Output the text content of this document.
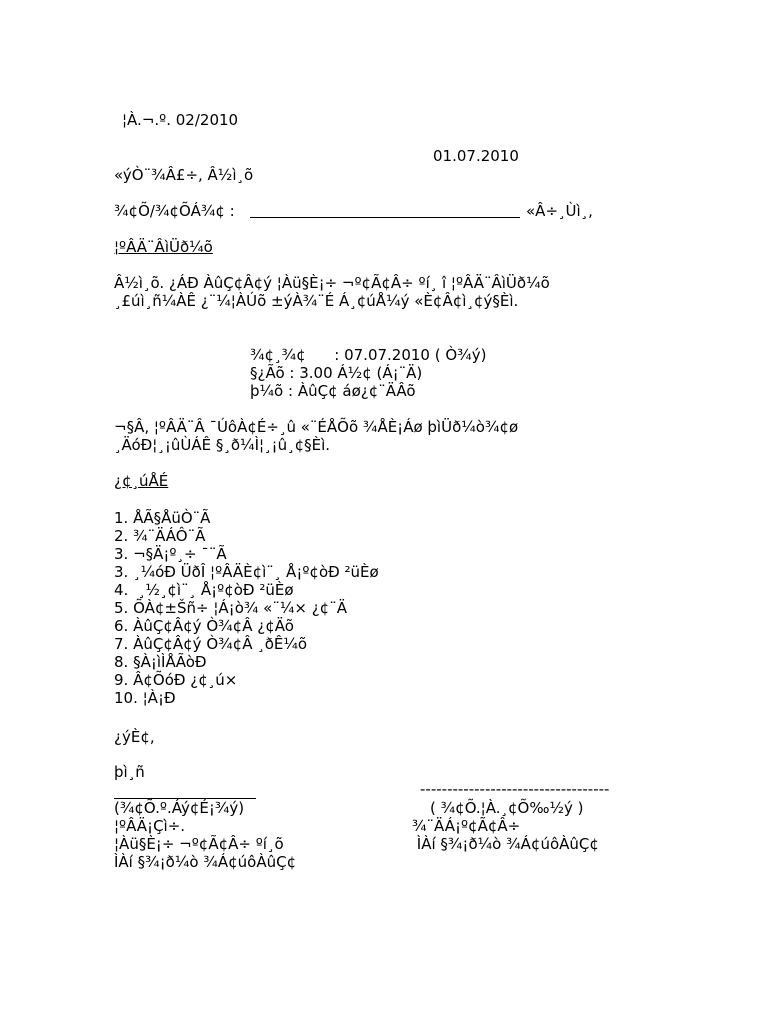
¦À.¬.º. 02/2010
01.07.2010
«ýÒ¨¾Â£÷, Â½ì¸õ
¾¢Õ/¾¢ÕÁ¾¢ :	«Â÷¸Ùì¸,
¦ºÂÄ¨ÂìÜð¼õ
Â½ì¸õ. ¿ÁÐ ÀûÇ¢Â¢ý ¦Àü§È¡÷ ¬º¢Ã¢Â÷ ºí¸ î ¦ºÂÄ¨ÂìÜð¼õ
¸£úì¸ñ¼ÀÊ ¿¨¼¦ÀÚõ ±ýÀ¾¨É Á¸¢úÅ¼ý «È¢Â¢ì¸¢ý§Èì.
¾¢¸¾¢      : 07.07.2010 ( Ò¾ý)
§¿Ãõ : 3.00 Á½¢ (Á¡¨Ä)
þ¼õ : ÀûÇ¢ áø¿¢¨ÄÂõ
¬§Â, ¦ºÂÄ¨Â ¯ÚôÀ¢É÷¸û «¨ÉÅÕõ ¾ÅÈ¡Áø þìÜð¼ò¾¢ø
¸ÄóÐ¦¸¡ûÙÁÊ §¸ð¼Ì¦¸¡û¸¢§Èì.
¿¢¸úÅÉ
1. ÅÃ§ÅüÒ¨Ã
2. ¾¨ÄÁÔ¨Ã
3. ¬§Ä¡º¸÷ ¯¨Ã
3. ¸¼óÐ ÜðÎ ¦ºÂÄÈ¢ì¨¸ Å¡º¢òÐ ²üÈø
4.  ¸½¸¢ì¨¸ Å¡º¢òÐ ²üÈø
5. ÕÀ¢±Šñ÷ ¦Á¡ò¾ «¨¼× ¿¢¨Ä
6. ÀûÇ¢Â¢ý Ò¾¢Â ¿¢Äõ
7. ÀûÇ¢Â¢ý Ò¾¢Â ¸ðÊ¼õ
8. §À¡ìÌÅÃòÐ
9. Â¢ÕóÐ ¿¢¸ú×
10. ¦À¡Ð
¿ýÈ¢,
þì¸ñ
-----------------------------------
(¾¢Õ.º.Áý¢É¡¾ý)
¦ºÂÄ¡Çì÷.
¦Àü§È¡÷ ¬º¢Ã¢Â÷ ºí¸õ
ÌÀí §¾¡ð¼ò ¾Á¢úôÀûÇ¢
( ¾¢Õ.¦À.¸¢Õ‰½ý )
¾¨ÄÁ¡º¢Ã¢Â÷
ÌÀí §¾¡ð¼ò ¾Á¢úôÀûÇ¢
